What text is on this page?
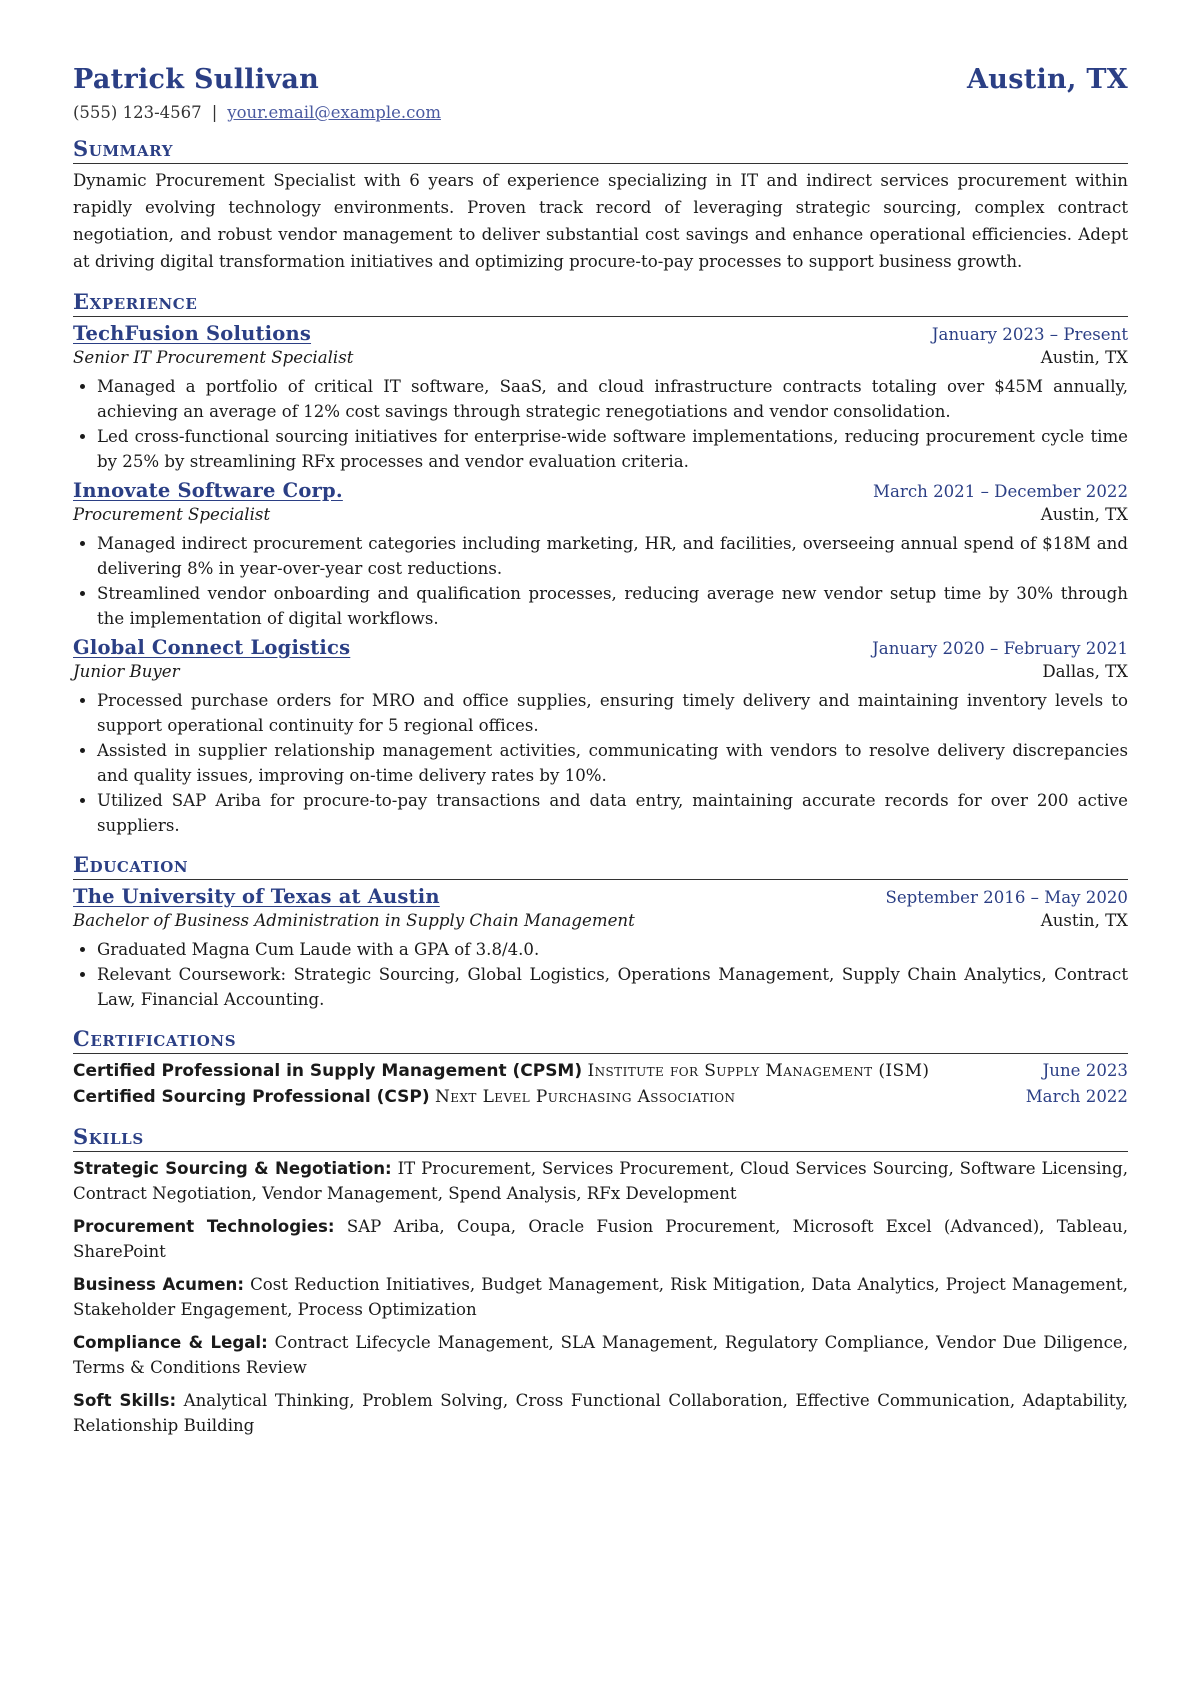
Patrick Sullivan	Austin, TX
(555) 123-4567 | your.email@example.com
Summary
Dynamic Procurement Specialist with 6 years of experience specializing in IT and indirect services procurement within rapidly evolving technology environments. Proven track record of leveraging strategic sourcing, complex contract negotiation, and robust vendor management to deliver substantial cost savings and enhance operational efficiencies. Adept at driving digital transformation initiatives and optimizing procure-to-pay processes to support business growth.
Experience
TechFusion Solutions	January 2023 – Present
Senior IT Procurement Specialist	Austin, TX
• Managed a portfolio of critical IT software, SaaS, and cloud infrastructure contracts totaling over $45M annually, achieving an average of 12% cost savings through strategic renegotiations and vendor consolidation.
• Led cross-functional sourcing initiatives for enterprise-wide software implementations, reducing procurement cycle time by 25% by streamlining RFx processes and vendor evaluation criteria.
Innovate Software Corp.	March 2021 – December 2022
Procurement Specialist	Austin, TX
• Managed indirect procurement categories including marketing, HR, and facilities, overseeing annual spend of $18M and delivering 8% in year-over-year cost reductions.
• Streamlined vendor onboarding and qualification processes, reducing average new vendor setup time by 30% through the implementation of digital workflows.
Global Connect Logistics	January 2020 – February 2021
Junior Buyer	Dallas, TX
• Processed purchase orders for MRO and office supplies, ensuring timely delivery and maintaining inventory levels to support operational continuity for 5 regional offices.
• Assisted in supplier relationship management activities, communicating with vendors to resolve delivery discrepancies and quality issues, improving on-time delivery rates by 10%.
• Utilized SAP Ariba for procure-to-pay transactions and data entry, maintaining accurate records for over 200 active suppliers.
Education
The University of Texas at Austin	September 2016 – May 2020
Bachelor of Business Administration in Supply Chain Management	Austin, TX
• Graduated Magna Cum Laude with a GPA of 3.8/4.0.
• Relevant Coursework: Strategic Sourcing, Global Logistics, Operations Management, Supply Chain Analytics, Contract Law, Financial Accounting.
Certifications
Certified Professional in Supply Management (CPSM) Institute for Supply Management (ISM)	June 2023
Certified Sourcing Professional (CSP) Next Level Purchasing Association	March 2022
Skills
Strategic Sourcing & Negotiation: IT Procurement, Services Procurement, Cloud Services Sourcing, Software Licensing, Contract Negotiation, Vendor Management, Spend Analysis, RFx Development
Procurement Technologies: SAP Ariba, Coupa, Oracle Fusion Procurement, Microsoft Excel (Advanced), Tableau, SharePoint
Business Acumen: Cost Reduction Initiatives, Budget Management, Risk Mitigation, Data Analytics, Project Management, Stakeholder Engagement, Process Optimization
Compliance & Legal: Contract Lifecycle Management, SLA Management, Regulatory Compliance, Vendor Due Diligence, Terms & Conditions Review
Soft Skills: Analytical Thinking, Problem Solving, Cross Functional Collaboration, Effective Communication, Adaptability, Relationship Building
